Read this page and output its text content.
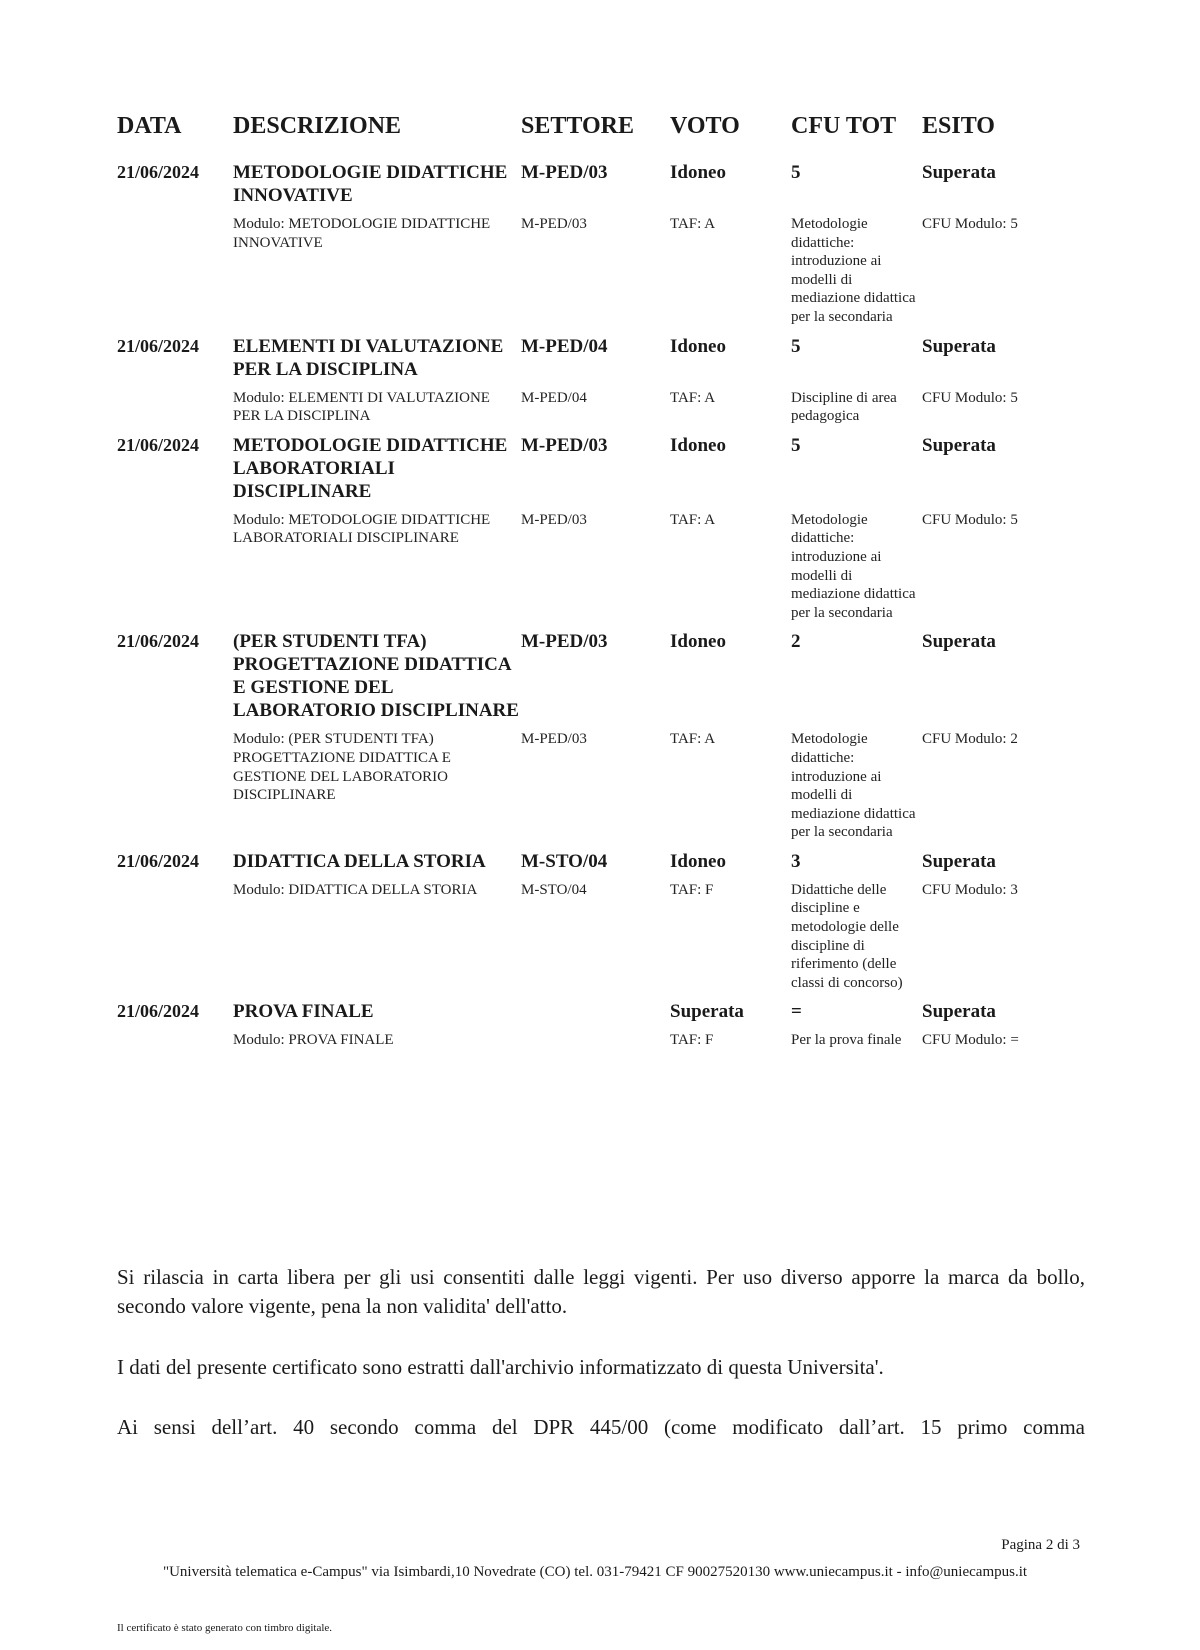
DATA	DESCRIZIONE	SETTORE	VOTO	CFU TOT	ESITO
21/06/2024	METODOLOGIE DIDATTICHE INNOVATIVE	M-PED/03	Idoneo	5	Superata
	Modulo: METODOLOGIE DIDATTICHE INNOVATIVE	M-PED/03	TAF: A	Metodologie didattiche: introduzione ai modelli di mediazione didattica per la secondaria	CFU Modulo: 5
21/06/2024	ELEMENTI DI VALUTAZIONE PER LA DISCIPLINA	M-PED/04	Idoneo	5	Superata
	Modulo: ELEMENTI DI VALUTAZIONE PER LA DISCIPLINA	M-PED/04	TAF: A	Discipline di area pedagogica	CFU Modulo: 5
21/06/2024	METODOLOGIE DIDATTICHE LABORATORIALI DISCIPLINARE	M-PED/03	Idoneo	5	Superata
	Modulo: METODOLOGIE DIDATTICHE LABORATORIALI DISCIPLINARE	M-PED/03	TAF: A	Metodologie didattiche: introduzione ai modelli di mediazione didattica per la secondaria	CFU Modulo: 5
21/06/2024	(PER STUDENTI TFA) PROGETTAZIONE DIDATTICA E GESTIONE DEL LABORATORIO DISCIPLINARE	M-PED/03	Idoneo	2	Superata
	Modulo: (PER STUDENTI TFA) PROGETTAZIONE DIDATTICA E GESTIONE DEL LABORATORIO DISCIPLINARE	M-PED/03	TAF: A	Metodologie didattiche: introduzione ai modelli di mediazione didattica per la secondaria	CFU Modulo: 2
21/06/2024	DIDATTICA DELLA STORIA	M-STO/04	Idoneo	3	Superata
	Modulo: DIDATTICA DELLA STORIA	M-STO/04	TAF: F	Didattiche delle discipline e metodologie delle discipline di riferimento (delle classi di concorso)	CFU Modulo: 3
21/06/2024	PROVA FINALE		Superata	=	Superata
	Modulo: PROVA FINALE		TAF: F	Per la prova finale	CFU Modulo: =

Si rilascia in carta libera per gli usi consentiti dalle leggi vigenti. Per uso diverso apporre la marca da bollo, secondo valore vigente, pena la non validita' dell'atto.

I dati del presente certificato sono estratti dall'archivio informatizzato di questa Universita'.

Ai sensi dell’art. 40 secondo comma del DPR 445/00 (come modificato dall’art. 15 primo comma

Pagina 2 di 3
"Università telematica e-Campus" via Isimbardi,10 Novedrate (CO) tel. 031-79421 CF 90027520130 www.uniecampus.it - info@uniecampus.it
Il certificato è stato generato con timbro digitale.
